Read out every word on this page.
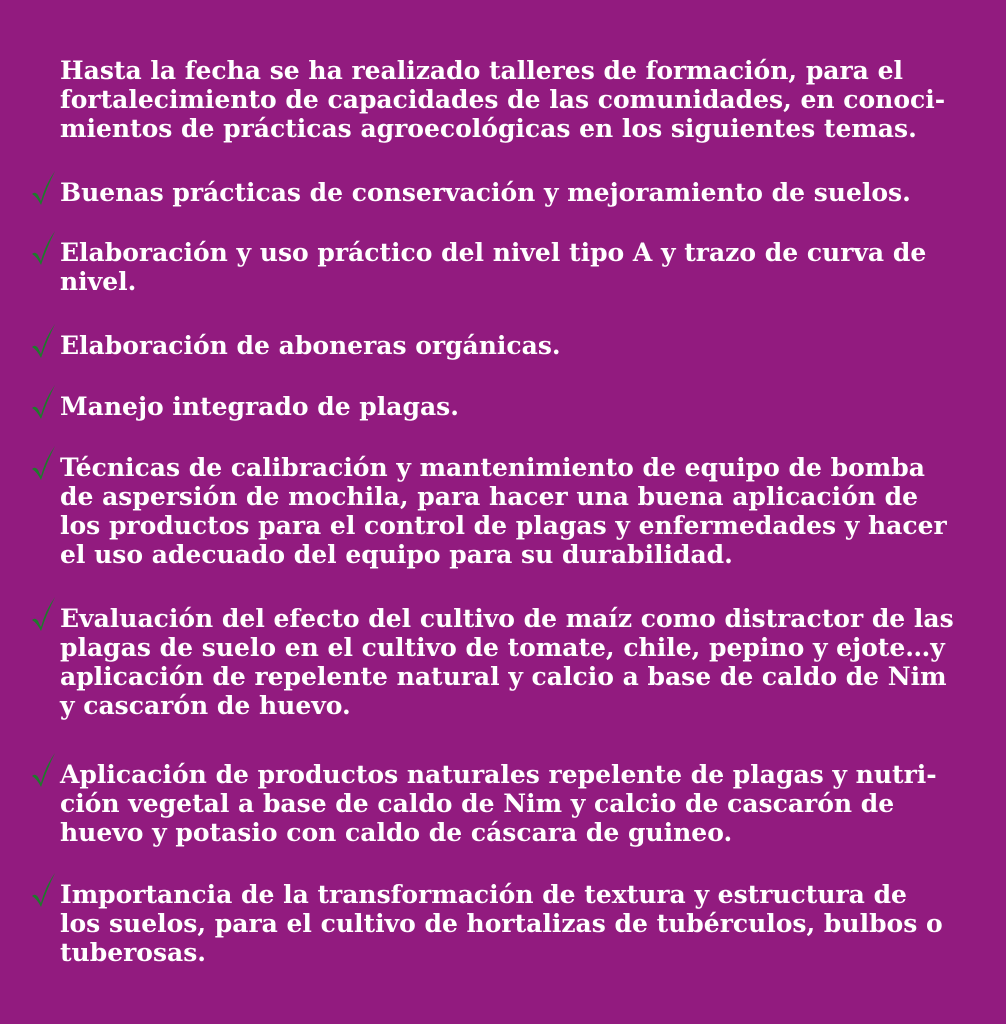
Hasta la fecha se ha realizado talleres de formación, para el
fortalecimiento de capacidades de las comunidades, en conoci-
mientos de prácticas agroecológicas en los siguientes temas.
Buenas prácticas de conservación y mejoramiento de suelos.
Elaboración y uso práctico del nivel tipo A y trazo de curva de
nivel.
Elaboración de aboneras orgánicas.
Manejo integrado de plagas.
Técnicas de calibración y mantenimiento de equipo de bomba
de aspersión de mochila, para hacer una buena aplicación de
los productos para el control de plagas y enfermedades y hacer
el uso adecuado del equipo para su durabilidad.
Evaluación del efecto del cultivo de maíz como distractor de las
plagas de suelo en el cultivo de tomate, chile, pepino y ejote…y
aplicación de repelente natural y calcio a base de caldo de Nim
y cascarón de huevo.
Aplicación de productos naturales repelente de plagas y nutri-
ción vegetal a base de caldo de Nim y calcio de cascarón de
huevo y potasio con caldo de cáscara de guineo.
Importancia de la transformación de textura y estructura de
los suelos, para el cultivo de hortalizas de tubérculos, bulbos o
tuberosas.
